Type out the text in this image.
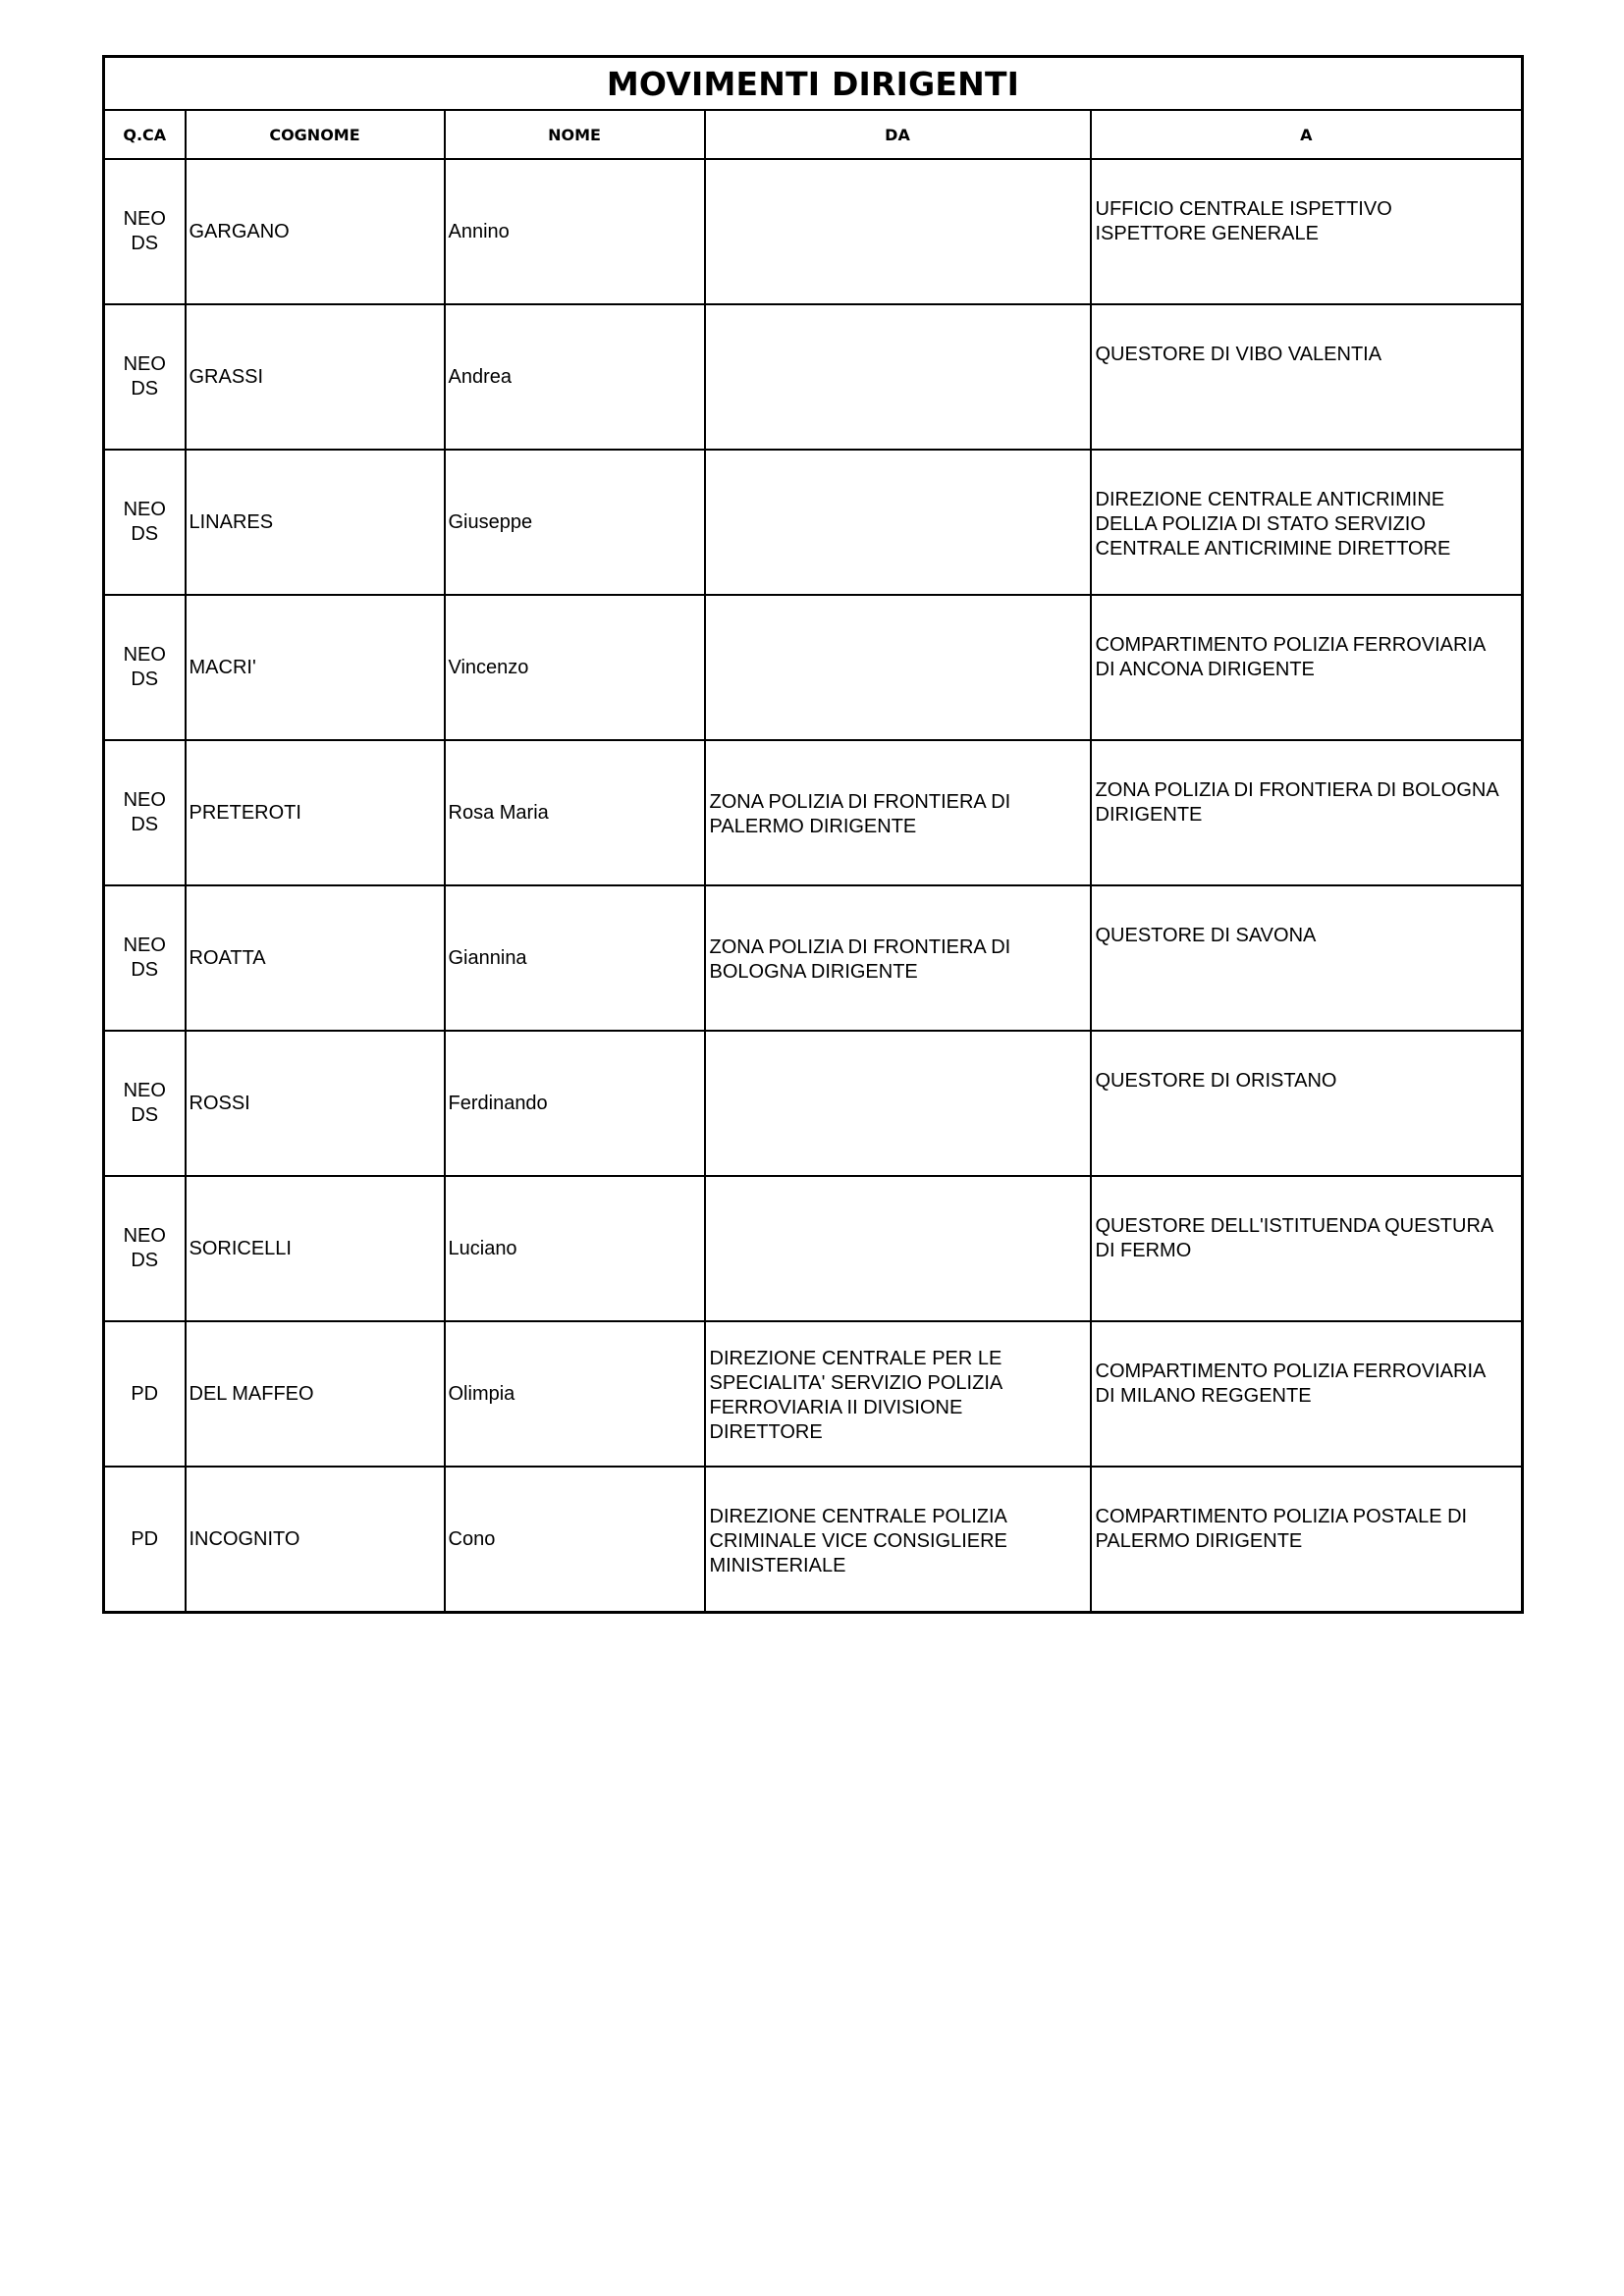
MOVIMENTI DIRIGENTI				
Q.CA	COGNOME	NOME	DA	A
NEO
DS	GARGANO	Annino		UFFICIO CENTRALE ISPETTIVO
ISPETTORE GENERALE

NEO
DS	GRASSI	Andrea		QUESTORE DI VIBO VALENTIA

NEO
DS	LINARES	Giuseppe		DIREZIONE CENTRALE ANTICRIMINE
DELLA POLIZIA DI STATO SERVIZIO
CENTRALE ANTICRIMINE DIRETTORE

NEO
DS	MACRI'	Vincenzo		COMPARTIMENTO POLIZIA FERROVIARIA
DI ANCONA DIRIGENTE

NEO
DS	PRETEROTI	Rosa Maria	ZONA POLIZIA DI FRONTIERA DI
PALERMO DIRIGENTE	ZONA POLIZIA DI FRONTIERA DI BOLOGNA
DIRIGENTE

NEO
DS	ROATTA	Giannina	ZONA POLIZIA DI FRONTIERA DI
BOLOGNA DIRIGENTE	QUESTORE DI SAVONA

NEO
DS	ROSSI	Ferdinando		QUESTORE DI ORISTANO

NEO
DS	SORICELLI	Luciano		QUESTORE DELL'ISTITUENDA QUESTURA
DI FERMO

PD	DEL MAFFEO	Olimpia	DIREZIONE CENTRALE PER LE
SPECIALITA' SERVIZIO POLIZIA
FERROVIARIA II DIVISIONE
DIRETTORE	COMPARTIMENTO POLIZIA FERROVIARIA
DI MILANO REGGENTE

PD	INCOGNITO	Cono	DIREZIONE CENTRALE POLIZIA
CRIMINALE VICE CONSIGLIERE
MINISTERIALE	COMPARTIMENTO POLIZIA POSTALE DI
PALERMO DIRIGENTE
